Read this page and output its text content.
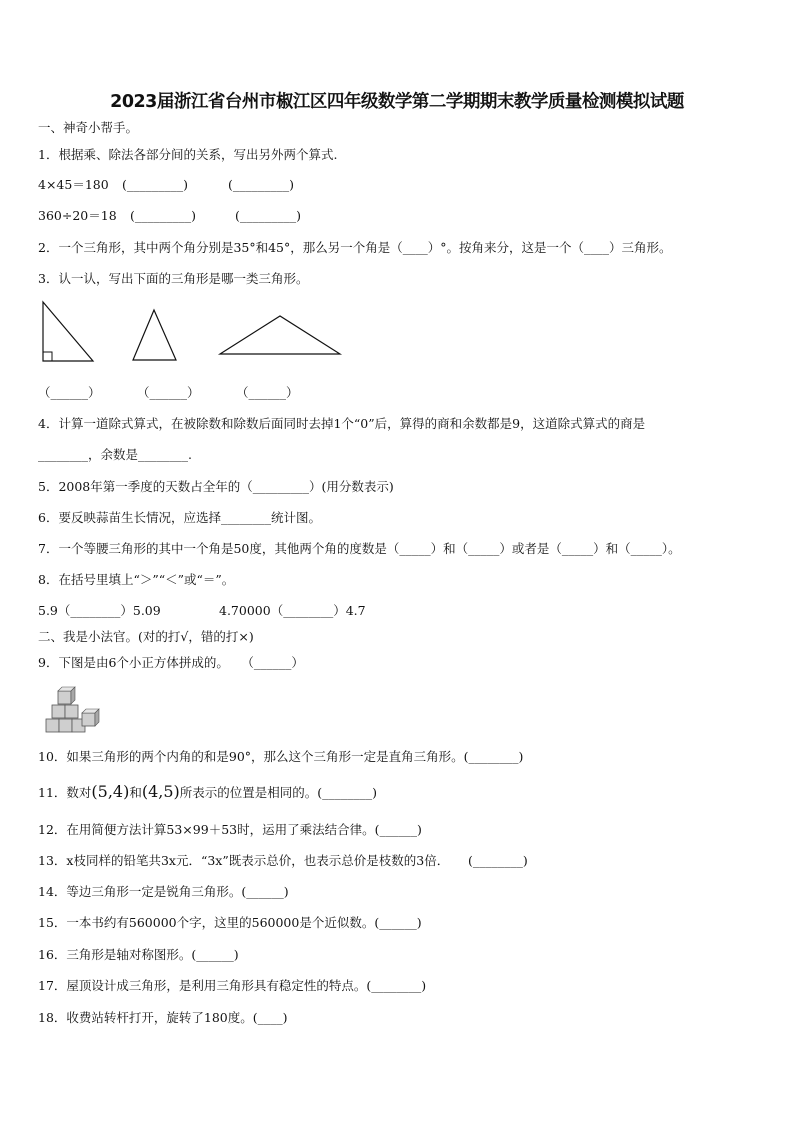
2023届浙江省台州市椒江区四年级数学第二学期期末教学质量检测模拟试题
一、神奇小帮手。
1．根据乘、除法各部分间的关系，写出另外两个算式.
4×45＝180 (_________)	(_________)
360÷20＝18 (_________)	(_________)
2．一个三角形，其中两个角分别是35°和45°，那么另一个角是（____）°。按角来分，这是一个（____）三角形。
3．认一认，写出下面的三角形是哪一类三角形。
（______）	（______）	（______）
4．计算一道除式算式，在被除数和除数后面同时去掉1个“0”后，算得的商和余数都是9，这道除式算式的商是
________，余数是________.
5．2008年第一季度的天数占全年的（_________）(用分数表示)
6．要反映蒜苗生长情况，应选择________统计图。
7．一个等腰三角形的其中一个角是50度，其他两个角的度数是（_____）和（_____）或者是（_____）和（_____）。
8．在括号里填上“＞”“＜”或“＝”。
5.9（________）5.09	4.70000（________）4.7
二、我是小法官。(对的打√，错的打×)
9．下图是由6个小正方体拼成的。　　（______）
10．如果三角形的两个内角的和是90°，那么这个三角形一定是直角三角形。(________)
11．数对(5,4)和(4,5)所表示的位置是相同的。(________)
12．在用简便方法计算53×99＋53时，运用了乘法结合律。(______)
13．x枝同样的铅笔共3x元．“3x”既表示总价，也表示总价是枝数的3倍．　　(________)
14．等边三角形一定是锐角三角形。(______)
15．一本书约有560000个字，这里的560000是个近似数。(______)
16．三角形是轴对称图形。(______)
17．屋顶设计成三角形，是利用三角形具有稳定性的特点。(________)
18．收费站转杆打开，旋转了180度。(____)
